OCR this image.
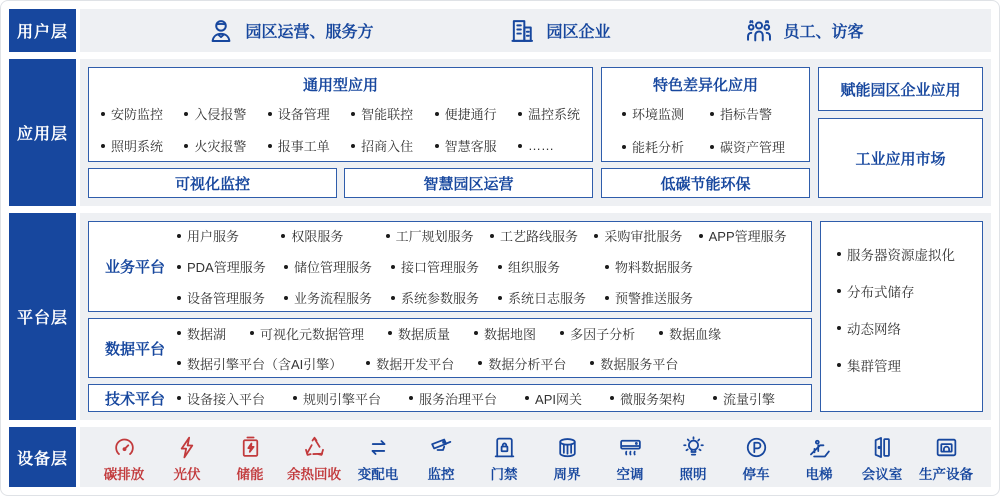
用户层	园区运营、服务方	园区企业	员工、访客
应用层
通用型应用
安防监控 入侵报警 设备管理 智能联控 便捷通行 温控系统
照明系统 火灾报警 报事工单 招商入住 智慧客服 ……
可视化监控	智慧园区运营
特色差异化应用
环境监测	指标告警
能耗分析	碳资产管理
低碳节能环保
赋能园区企业应用
工业应用市场
平台层
业务平台
用户服务	权限服务	工厂规划服务 工艺路线服务 采购审批服务 APP管理服务
PDA管理服务 储位管理服务 接口管理服务 组织服务	物料数据服务
设备管理服务 业务流程服务 系统参数服务 系统日志服务 预警推送服务
数据平台
数据湖	可视化元数据管理	数据质量	数据地图	多因子分析	数据血缘
数据引擎平台（含AI引擎）	数据开发平台	数据分析平台	数据服务平台
技术平台	设备接入平台	规则引擎平台	服务治理平台	API网关	微服务架构	流量引擎
服务器资源虚拟化
分布式储存
动态网络
集群管理
设备层
碳排放 光伏	储能 余热回收 变配电 监控	门禁	周界	空调	照明	停车	电梯 会议室 生产设备
